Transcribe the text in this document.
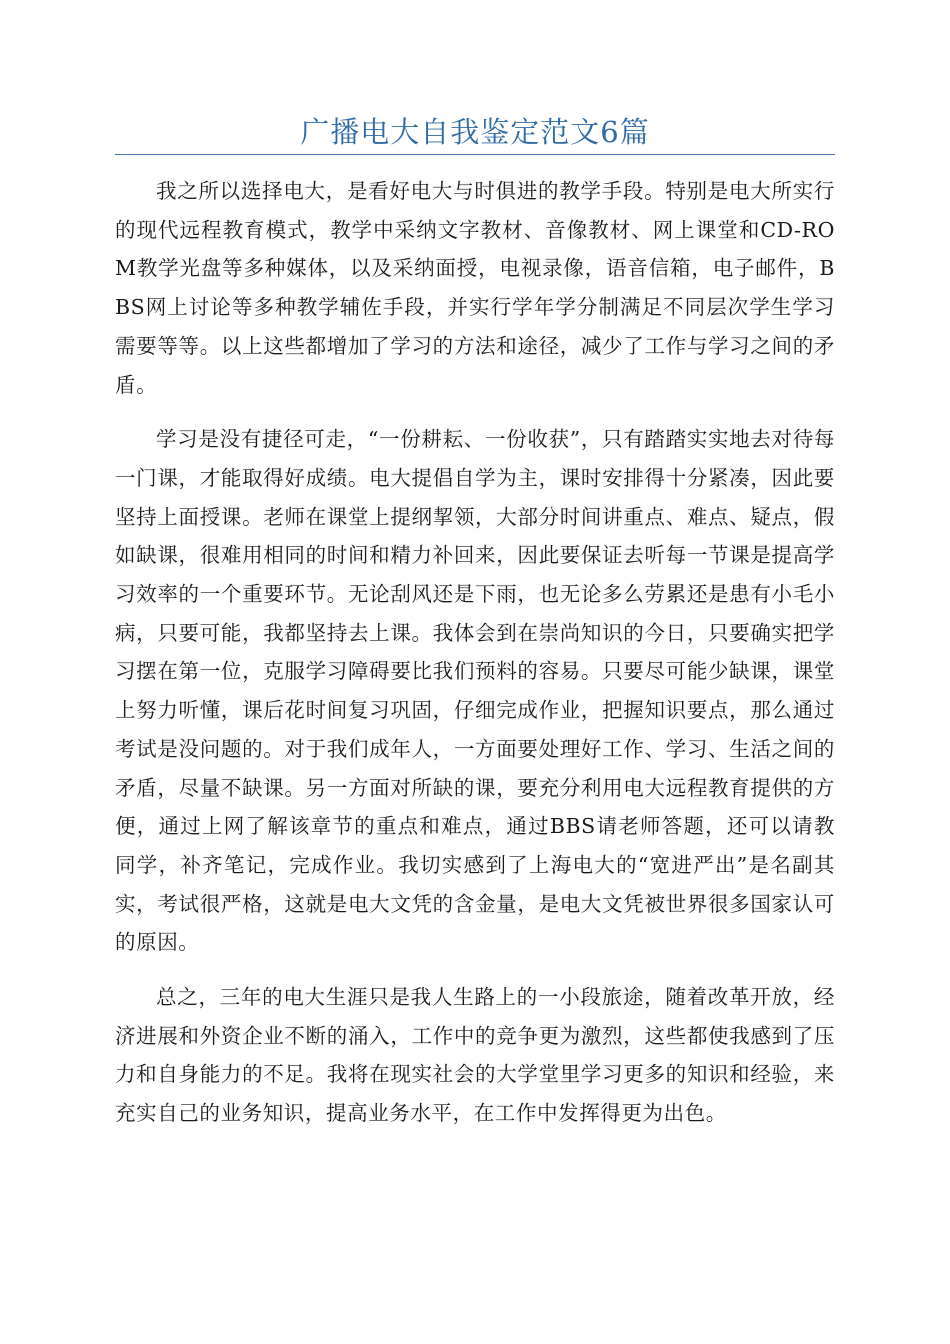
广播电大自我鉴定范文6篇

我之所以选择电大，是看好电大与时俱进的教学手段。特别是电大所实行的现代远程教育模式，教学中采纳文字教材、音像教材、网上课堂和CD-ROM教学光盘等多种媒体，以及采纳面授，电视录像，语音信箱，电子邮件，BBS网上讨论等多种教学辅佐手段，并实行学年学分制满足不同层次学生学习需要等等。以上这些都增加了学习的方法和途径，减少了工作与学习之间的矛盾。

学习是没有捷径可走，“一份耕耘、一份收获”，只有踏踏实实地去对待每一门课，才能取得好成绩。电大提倡自学为主，课时安排得十分紧凑，因此要坚持上面授课。老师在课堂上提纲挈领，大部分时间讲重点、难点、疑点，假如缺课，很难用相同的时间和精力补回来，因此要保证去听每一节课是提高学习效率的一个重要环节。无论刮风还是下雨，也无论多么劳累还是患有小毛小病，只要可能，我都坚持去上课。我体会到在崇尚知识的今日，只要确实把学习摆在第一位，克服学习障碍要比我们预料的容易。只要尽可能少缺课，课堂上努力听懂，课后花时间复习巩固，仔细完成作业，把握知识要点，那么通过考试是没问题的。对于我们成年人，一方面要处理好工作、学习、生活之间的矛盾，尽量不缺课。另一方面对所缺的课，要充分利用电大远程教育提供的方便，通过上网了解该章节的重点和难点，通过BBS请老师答题，还可以请教同学，补齐笔记，完成作业。我切实感到了上海电大的“宽进严出”是名副其实，考试很严格，这就是电大文凭的含金量，是电大文凭被世界很多国家认可的原因。

总之，三年的电大生涯只是我人生路上的一小段旅途，随着改革开放，经济进展和外资企业不断的涌入，工作中的竞争更为激烈，这些都使我感到了压力和自身能力的不足。我将在现实社会的大学堂里学习更多的知识和经验，来充实自己的业务知识，提高业务水平，在工作中发挥得更为出色。
